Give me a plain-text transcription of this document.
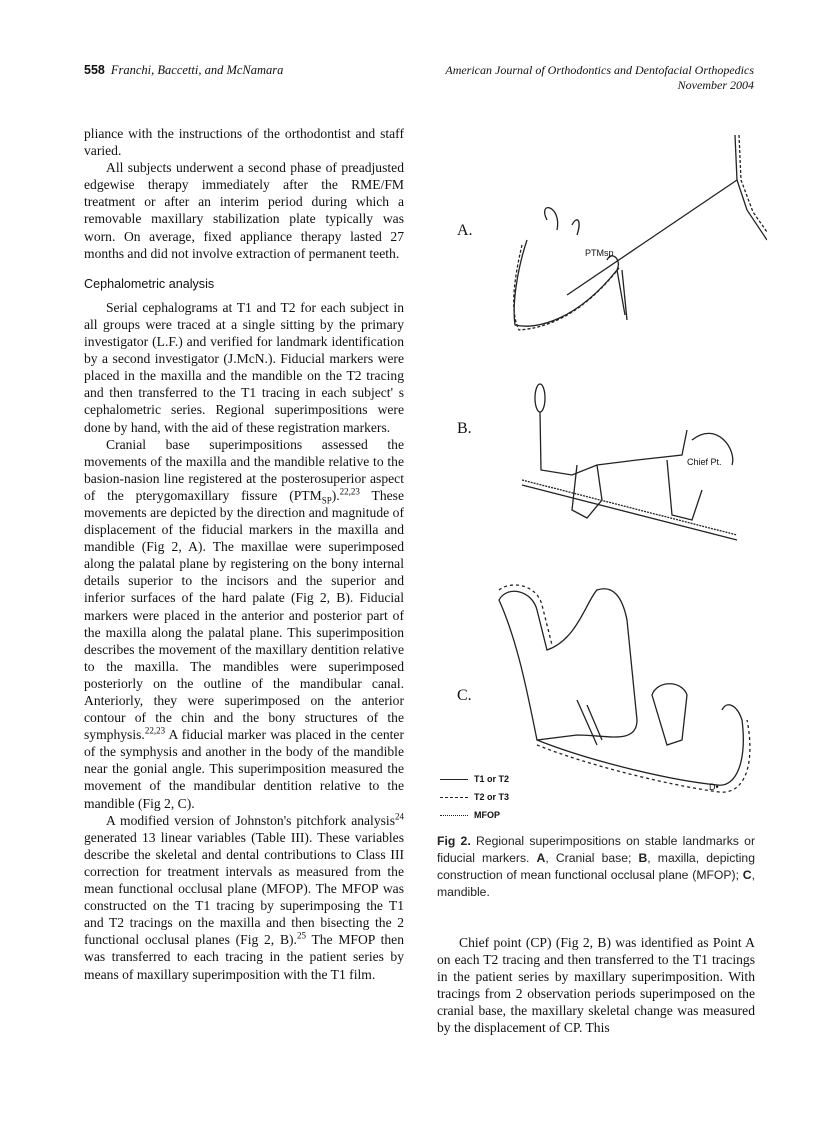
558 Franchi, Baccetti, and McNamara	American Journal of Orthodontics and Dentofacial Orthopedics
November 2004

pliance with the instructions of the orthodontist and staff varied.

All subjects underwent a second phase of preadjusted edgewise therapy immediately after the RME/FM treatment or after an interim period during which a removable maxillary stabilization plate typically was worn. On average, fixed appliance therapy lasted 27 months and did not involve extraction of permanent teeth.

Cephalometric analysis

Serial cephalograms at T1 and T2 for each subject in all groups were traced at a single sitting by the primary investigator (L.F.) and verified for landmark identification by a second investigator (J.McN.). Fiducial markers were placed in the maxilla and the mandible on the T2 tracing and then transferred to the T1 tracing in each subject' s cephalometric series. Regional superimpositions were done by hand, with the aid of these registration markers.

Cranial base superimpositions assessed the movements of the maxilla and the mandible relative to the basion-nasion line registered at the posterosuperior aspect of the pterygomaxillary fissure $(PTM_{SP}).^{22,23}$ These movements are depicted by the direction and magnitude of displacement of the fiducial markers in the maxilla and mandible (Fig 2, A). The maxillae were superimposed along the palatal plane by registering on the bony internal details superior to the incisors and the superior and inferior surfaces of the hard palate (Fig 2, B). Fiducial markers were placed in the anterior and posterior part of the maxilla along the palatal plane. This superimposition describes the movement of the maxillary dentition relative to the maxilla. The mandibles were superimposed posteriorly on the outline of the mandibular canal. Anteriorly, they were superimposed on the anterior contour of the chin and the bony structures of the symphysis.$^{22,23}$ A fiducial marker was placed in the center of the symphysis and another in the body of the mandible near the gonial angle. This superimposition measured the movement of the mandibular dentition relative to the mandible (Fig 2, C).

A modified version of Johnston's pitchfork analysis$^{24}$ generated 13 linear variables (Table III). These variables describe the skeletal and dental contributions to Class III correction for treatment intervals as measured from the mean functional occlusal plane (MFOP). The MFOP was constructed on the T1 tracing by superimposing the T1 and T2 tracings on the maxilla and then bisecting the 2 functional occlusal planes (Fig 2, B).$^{25}$ The MFOP then was transferred to each tracing in the patient series by means of maxillary superimposition with the T1 film.

A.
B.
C.
PTMsp
Chief Pt.
D•
T1 or T2
T2 or T3
MFOP
Fig 2. Regional superimpositions on stable landmarks or fiducial markers. A, Cranial base; B, maxilla, depicting construction of mean functional occlusal plane (MFOP); C, mandible.

Chief point (CP) (Fig 2, B) was identified as Point A on each T2 tracing and then transferred to the T1 tracings in the patient series by maxillary superimposition. With tracings from 2 observation periods superimposed on the cranial base, the maxillary skeletal change was measured by the displacement of CP. This
